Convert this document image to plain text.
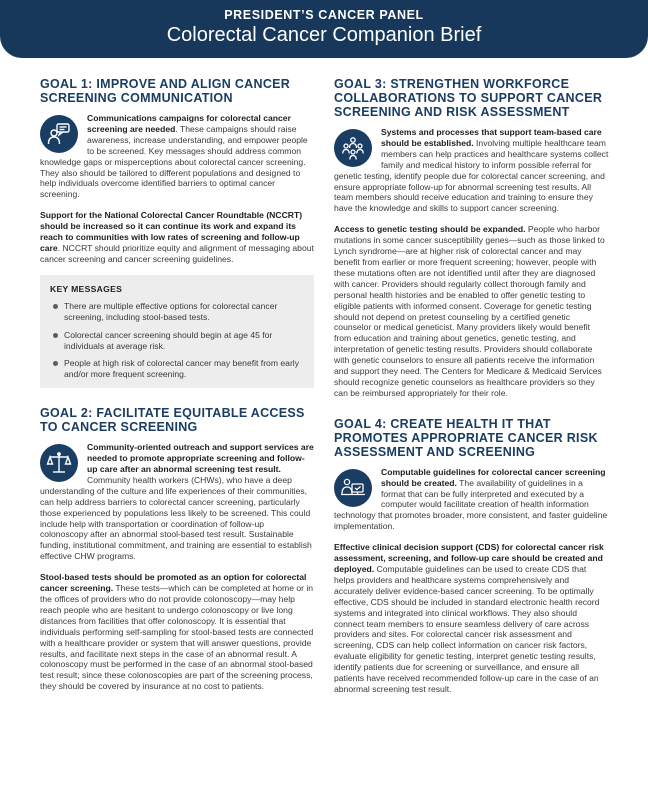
PRESIDENT’S CANCER PANEL
Colorectal Cancer Companion Brief
GOAL 1: IMPROVE AND ALIGN CANCER
SCREENING COMMUNICATION

Communications campaigns for colorectal cancer screening are needed. These campaigns should raise awareness, increase understanding, and empower people to be screened. Key messages should address common knowledge gaps or misperceptions about colorectal cancer screening. They also should be tailored to different populations and designed to help individuals overcome identified barriers to optimal cancer screening.

Support for the National Colorectal Cancer Roundtable (NCCRT) should be increased so it can continue its work and expand its reach to communities with low rates of screening and follow-up care. NCCRT should prioritize equity and alignment of messaging about cancer screening and cancer screening guidelines.

KEY MESSAGES
There are multiple effective options for colorectal cancer screening, including stool-based tests.
Colorectal cancer screening should begin at age 45 for individuals at average risk.
People at high risk of colorectal cancer may benefit from early and/or more frequent screening.
GOAL 2: FACILITATE EQUITABLE ACCESS
TO CANCER SCREENING

Community-oriented outreach and support services are needed to promote appropriate screening and follow-up care after an abnormal screening test result. Community health workers (CHWs), who have a deep understanding of the culture and life experiences of their communities, can help address barriers to colorectal cancer screening, particularly those experienced by populations less likely to be screened. This could include help with transportation or coordination of follow-up colonoscopy after an abnormal stool-based test result. Sustainable funding, institutional commitment, and training are essential to establish effective CHW programs.

Stool-based tests should be promoted as an option for colorectal cancer screening. These tests—which can be completed at home or in the offices of providers who do not provide colonoscopy—may help reach people who are hesitant to undergo colonoscopy or live long distances from facilities that offer colonoscopy. It is essential that individuals performing self-sampling for stool-based tests are connected with a healthcare provider or system that will answer questions, provide results, and facilitate next steps in the case of an abnormal result. A colonoscopy must be performed in the case of an abnormal stool-based test result; since these colonoscopies are part of the screening process, they should be covered by insurance at no cost to patients.

GOAL 3: STRENGTHEN WORKFORCE
COLLABORATIONS TO SUPPORT CANCER
SCREENING AND RISK ASSESSMENT

Systems and processes that support team-based care should be established. Involving multiple healthcare team members can help practices and healthcare systems collect family and medical history to inform possible referral for genetic testing, identify people due for colorectal cancer screening, and ensure appropriate follow-up for abnormal screening test results. All team members should receive education and training to ensure they have the knowledge and skills to support cancer screening.

Access to genetic testing should be expanded. People who harbor mutations in some cancer susceptibility genes—such as those linked to Lynch syndrome—are at higher risk of colorectal cancer and may benefit from earlier or more frequent screening; however, people with these mutations often are not identified until after they are diagnosed with cancer. Providers should regularly collect thorough family and personal health histories and be enabled to offer genetic testing to eligible patients with informed consent. Coverage for genetic testing should not depend on pretest counseling by a certified genetic counselor or medical geneticist. Many providers likely would benefit from education and training about genetics, genetic testing, and interpretation of genetic testing results. Providers should collaborate with genetic counselors to ensure all patients receive the information and support they need. The Centers for Medicare & Medicaid Services should recognize genetic counselors as healthcare providers so they can be reimbursed appropriately for their role.

GOAL 4: CREATE HEALTH IT THAT
PROMOTES APPROPRIATE CANCER RISK
ASSESSMENT AND SCREENING

Computable guidelines for colorectal cancer screening should be created. The availability of guidelines in a format that can be fully interpreted and executed by a computer would facilitate creation of health information technology that promotes broader, more consistent, and faster guideline implementation.

Effective clinical decision support (CDS) for colorectal cancer risk assessment, screening, and follow-up care should be created and deployed. Computable guidelines can be used to create CDS that helps providers and healthcare systems comprehensively and accurately deliver evidence-based cancer screening. To be optimally effective, CDS should be included in standard electronic health record systems and integrated into clinical workflows. They also should connect team members to ensure seamless delivery of care across providers and sites. For colorectal cancer risk assessment and screening, CDS can help collect information on cancer risk factors, evaluate eligibility for genetic testing, interpret genetic testing results, identify patients due for screening or surveillance, and ensure all patients have received recommended follow-up care in the case of an abnormal screening test result.
